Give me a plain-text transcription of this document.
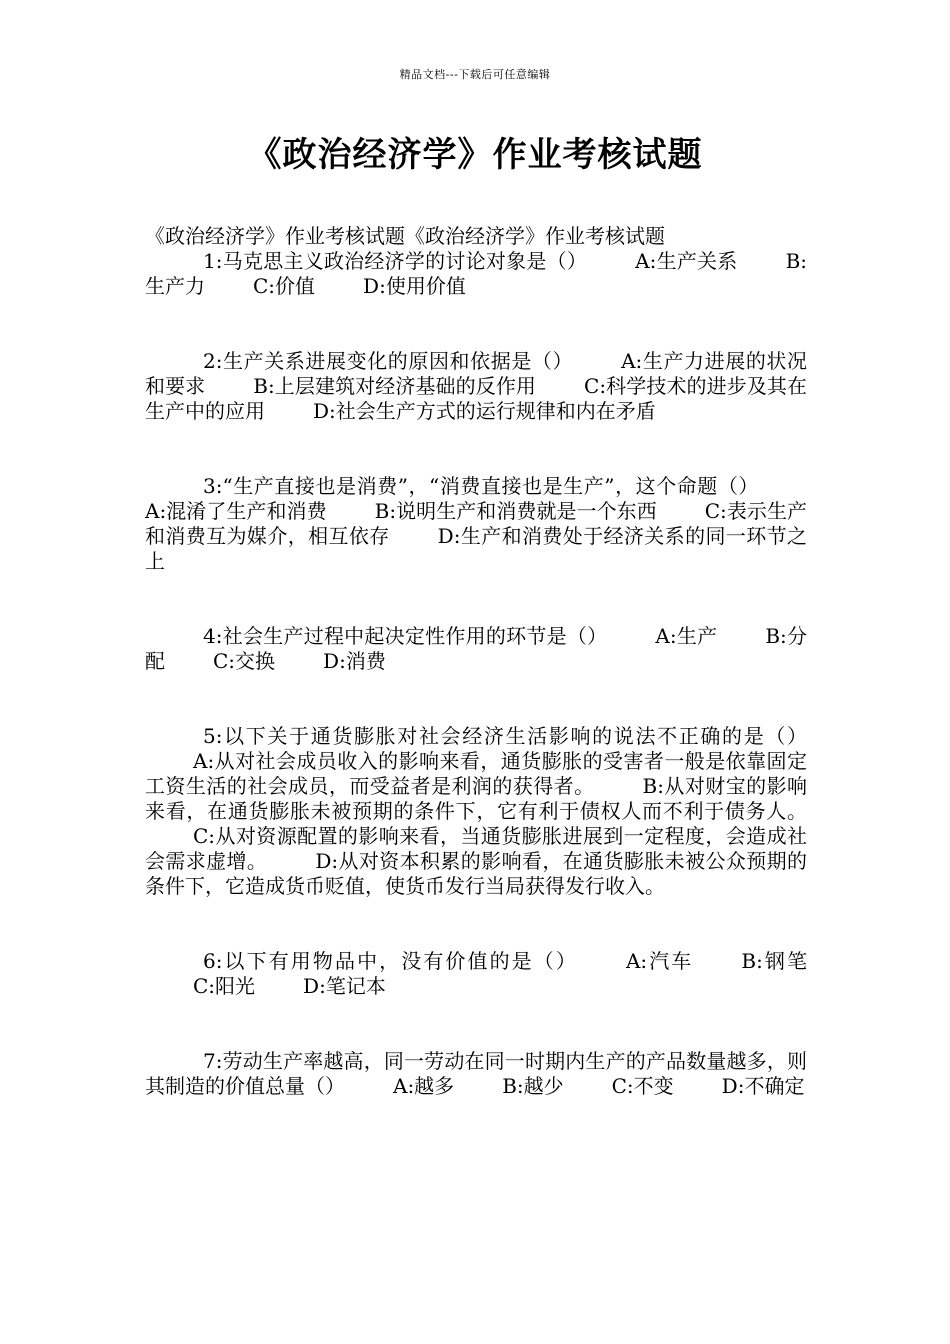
精品文档---下载后可任意编辑
《政治经济学》作业考核试题

《政治经济学》作业考核试题《政治经济学》作业考核试题

1:马克思主义政治经济学的讨论对象是（） A:生产关系 B:生产力 C:价值 D:使用价值

2:生产关系进展变化的原因和依据是（） A:生产力进展的状况和要求 B:上层建筑对经济基础的反作用 C:科学技术的进步及其在生产中的应用 D:社会生产方式的运行规律和内在矛盾

3:“生产直接也是消费”，“消费直接也是生产”，这个命题（）A:混淆了生产和消费 B:说明生产和消费就是一个东西 C:表示生产和消费互为媒介，相互依存 D:生产和消费处于经济关系的同一环节之上

4:社会生产过程中起决定性作用的环节是（） A:生产 B:分配 C:交换 D:消费

5:以下关于通货膨胀对社会经济生活影响的说法不正确的是（）A:从对社会成员收入的影响来看，通货膨胀的受害者一般是依靠固定工资生活的社会成员，而受益者是利润的获得者。 B:从对财宝的影响来看，在通货膨胀未被预期的条件下，它有利于债权人而不利于债务人。C:从对资源配置的影响来看，当通货膨胀进展到一定程度，会造成社会需求虚增。 D:从对资本积累的影响看，在通货膨胀未被公众预期的条件下，它造成货币贬值，使货币发行当局获得发行收入。

6:以下有用物品中，没有价值的是（） A:汽车 B:钢笔C:阳光 D:笔记本

7:劳动生产率越高，同一劳动在同一时期内生产的产品数量越多，则其制造的价值总量（） A:越多 B:越少 C:不变 D:不确定
